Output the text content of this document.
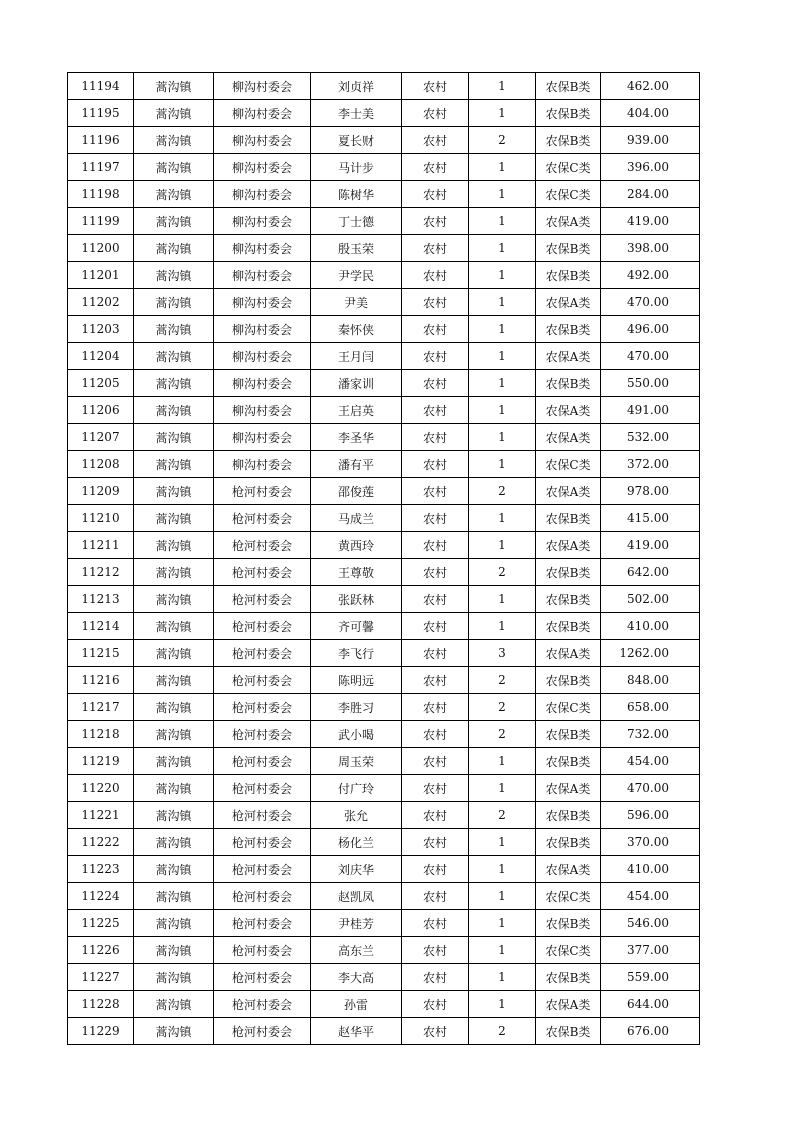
11194	蒿沟镇	柳沟村委会	刘贞祥	农村	1	农保B类	462.00
11195	蒿沟镇	柳沟村委会	李士美	农村	1	农保B类	404.00
11196	蒿沟镇	柳沟村委会	夏长财	农村	2	农保B类	939.00
11197	蒿沟镇	柳沟村委会	马计步	农村	1	农保C类	396.00
11198	蒿沟镇	柳沟村委会	陈树华	农村	1	农保C类	284.00
11199	蒿沟镇	柳沟村委会	丁士德	农村	1	农保A类	419.00
11200	蒿沟镇	柳沟村委会	殷玉荣	农村	1	农保B类	398.00
11201	蒿沟镇	柳沟村委会	尹学民	农村	1	农保B类	492.00
11202	蒿沟镇	柳沟村委会	尹美	农村	1	农保A类	470.00
11203	蒿沟镇	柳沟村委会	秦怀侠	农村	1	农保B类	496.00
11204	蒿沟镇	柳沟村委会	王月闫	农村	1	农保A类	470.00
11205	蒿沟镇	柳沟村委会	潘家训	农村	1	农保B类	550.00
11206	蒿沟镇	柳沟村委会	王启英	农村	1	农保A类	491.00
11207	蒿沟镇	柳沟村委会	李圣华	农村	1	农保A类	532.00
11208	蒿沟镇	柳沟村委会	潘有平	农村	1	农保C类	372.00
11209	蒿沟镇	枪河村委会	邵俊莲	农村	2	农保A类	978.00
11210	蒿沟镇	枪河村委会	马成兰	农村	1	农保B类	415.00
11211	蒿沟镇	枪河村委会	黄西玲	农村	1	农保A类	419.00
11212	蒿沟镇	枪河村委会	王尊敬	农村	2	农保B类	642.00
11213	蒿沟镇	枪河村委会	张跃林	农村	1	农保B类	502.00
11214	蒿沟镇	枪河村委会	齐可馨	农村	1	农保B类	410.00
11215	蒿沟镇	枪河村委会	李飞行	农村	3	农保A类	1262.00
11216	蒿沟镇	枪河村委会	陈明远	农村	2	农保B类	848.00
11217	蒿沟镇	枪河村委会	李胜习	农村	2	农保C类	658.00
11218	蒿沟镇	枪河村委会	武小喝	农村	2	农保B类	732.00
11219	蒿沟镇	枪河村委会	周玉荣	农村	1	农保B类	454.00
11220	蒿沟镇	枪河村委会	付广玲	农村	1	农保A类	470.00
11221	蒿沟镇	枪河村委会	张允	农村	2	农保B类	596.00
11222	蒿沟镇	枪河村委会	杨化兰	农村	1	农保B类	370.00
11223	蒿沟镇	枪河村委会	刘庆华	农村	1	农保A类	410.00
11224	蒿沟镇	枪河村委会	赵凯凤	农村	1	农保C类	454.00
11225	蒿沟镇	枪河村委会	尹桂芳	农村	1	农保B类	546.00
11226	蒿沟镇	枪河村委会	高东兰	农村	1	农保C类	377.00
11227	蒿沟镇	枪河村委会	李大高	农村	1	农保B类	559.00
11228	蒿沟镇	枪河村委会	孙雷	农村	1	农保A类	644.00
11229	蒿沟镇	枪河村委会	赵华平	农村	2	农保B类	676.00
